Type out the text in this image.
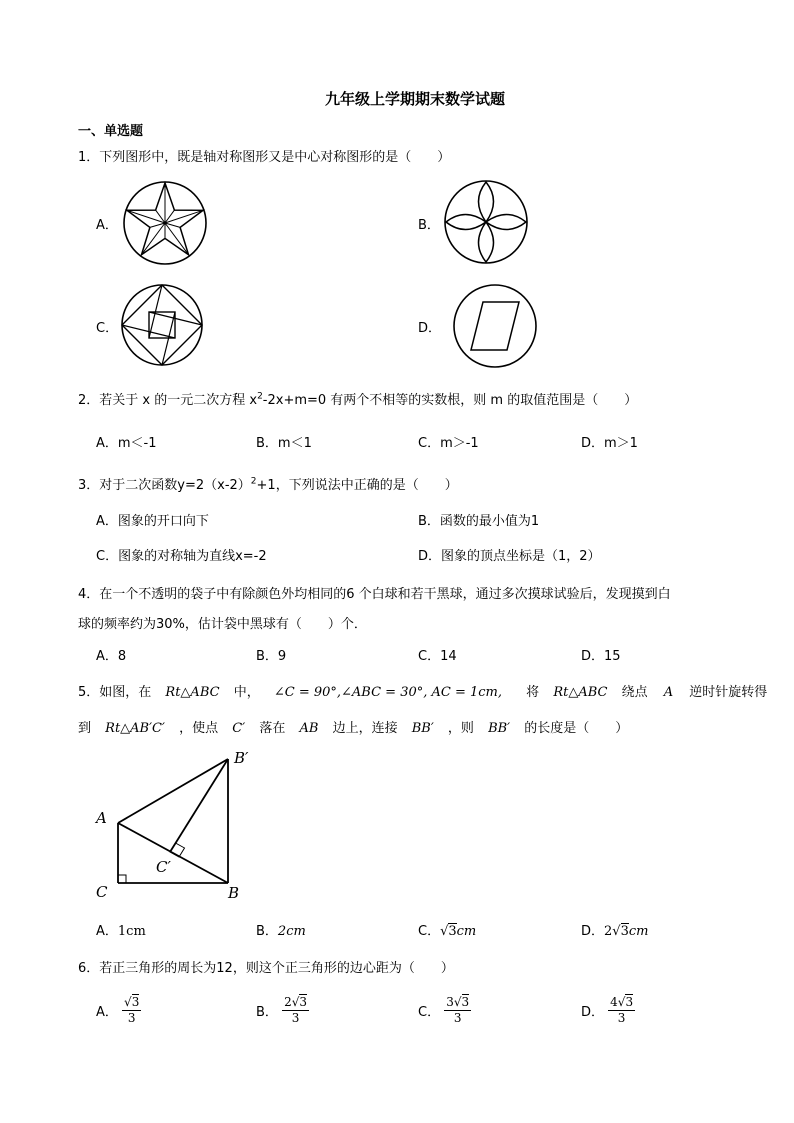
九年级上学期期末数学试题
一、单选题
1．下列图形中，既是轴对称图形又是中心对称图形的是（　　）
A．	B．
C．	D．
2．若关于 x 的一元二次方程 $x^2-2x+m=0$ 有两个不相等的实数根，则 m 的取值范围是（　　）
A．m＜-1	B．m＜1	C．m＞-1	D．m＞1
3．对于二次函数$y=2(x-2)^2+1$，下列说法中正确的是（　　）
A．图象的开口向下	B．函数的最小值为1
C．图象的对称轴为直线x=-2	D．图象的顶点坐标是（1，2）
4．在一个不透明的袋子中有除颜色外均相同的6 个白球和若干黑球，通过多次摸球试验后，发现摸到白
球的频率约为30%，估计袋中黑球有（　　）个．
A．8	B．9	C．14	D．15
5．如图，在 Rt△ABC 中， ∠C = 90°,∠ABC = 30°, AC = 1cm, 将 Rt△ABC 绕点 A 逆时针旋转得
到 Rt△AB′C′ ，使点 C′ 落在 AB 边上，连接 BB′ ，则 BB′ 的长度是（　　）
B′
A
C′
C	B
A．1cm	B．2cm	C．√3cm	D．2√3cm
6．若正三角形的周长为12，则这个正三角形的边心距为（　　）
A． $\frac{√3}{3}$	B． $\frac{2√3}{3}$	C． $\frac{3√3}{3}$	D． $\frac{4√3}{3}$
